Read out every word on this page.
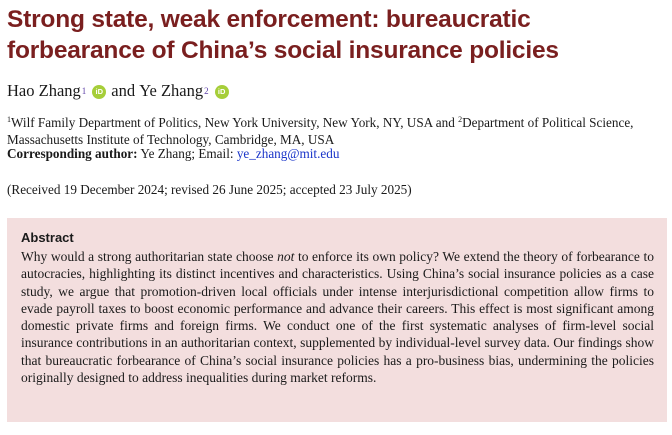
Strong state, weak enforcement: bureaucratic forbearance of China’s social insurance policies
Hao Zhang 1	iD and
Ye Zhang 2	iD
$^1$Wilf Family Department of Politics, New York University, New York, NY, USA and $^2$Department of Political Science, Massachusetts Institute of Technology, Cambridge, MA, USA
Corresponding author: Ye Zhang; Email: ye_zhang@mit.edu
(Received 19 December 2024; revised 26 June 2025; accepted 23 July 2025)
Abstract
Why would a strong authoritarian state choose not to enforce its own policy? We extend the theory of forbearance to autocracies, highlighting its distinct incentives and characteristics. Using China’s social insurance policies as a case study, we argue that promotion-driven local officials under intense interjurisdictional competition allow firms to evade payroll taxes to boost economic performance and advance their careers. This effect is most significant among domestic private firms and foreign firms. We conduct one of the first systematic analyses of firm-level social insurance contributions in an authoritarian context, supplemented by individual-level survey data. Our findings show that bureaucratic forbearance of China’s social insurance policies has a pro-business bias, undermining the policies originally designed to address inequalities during market reforms.
